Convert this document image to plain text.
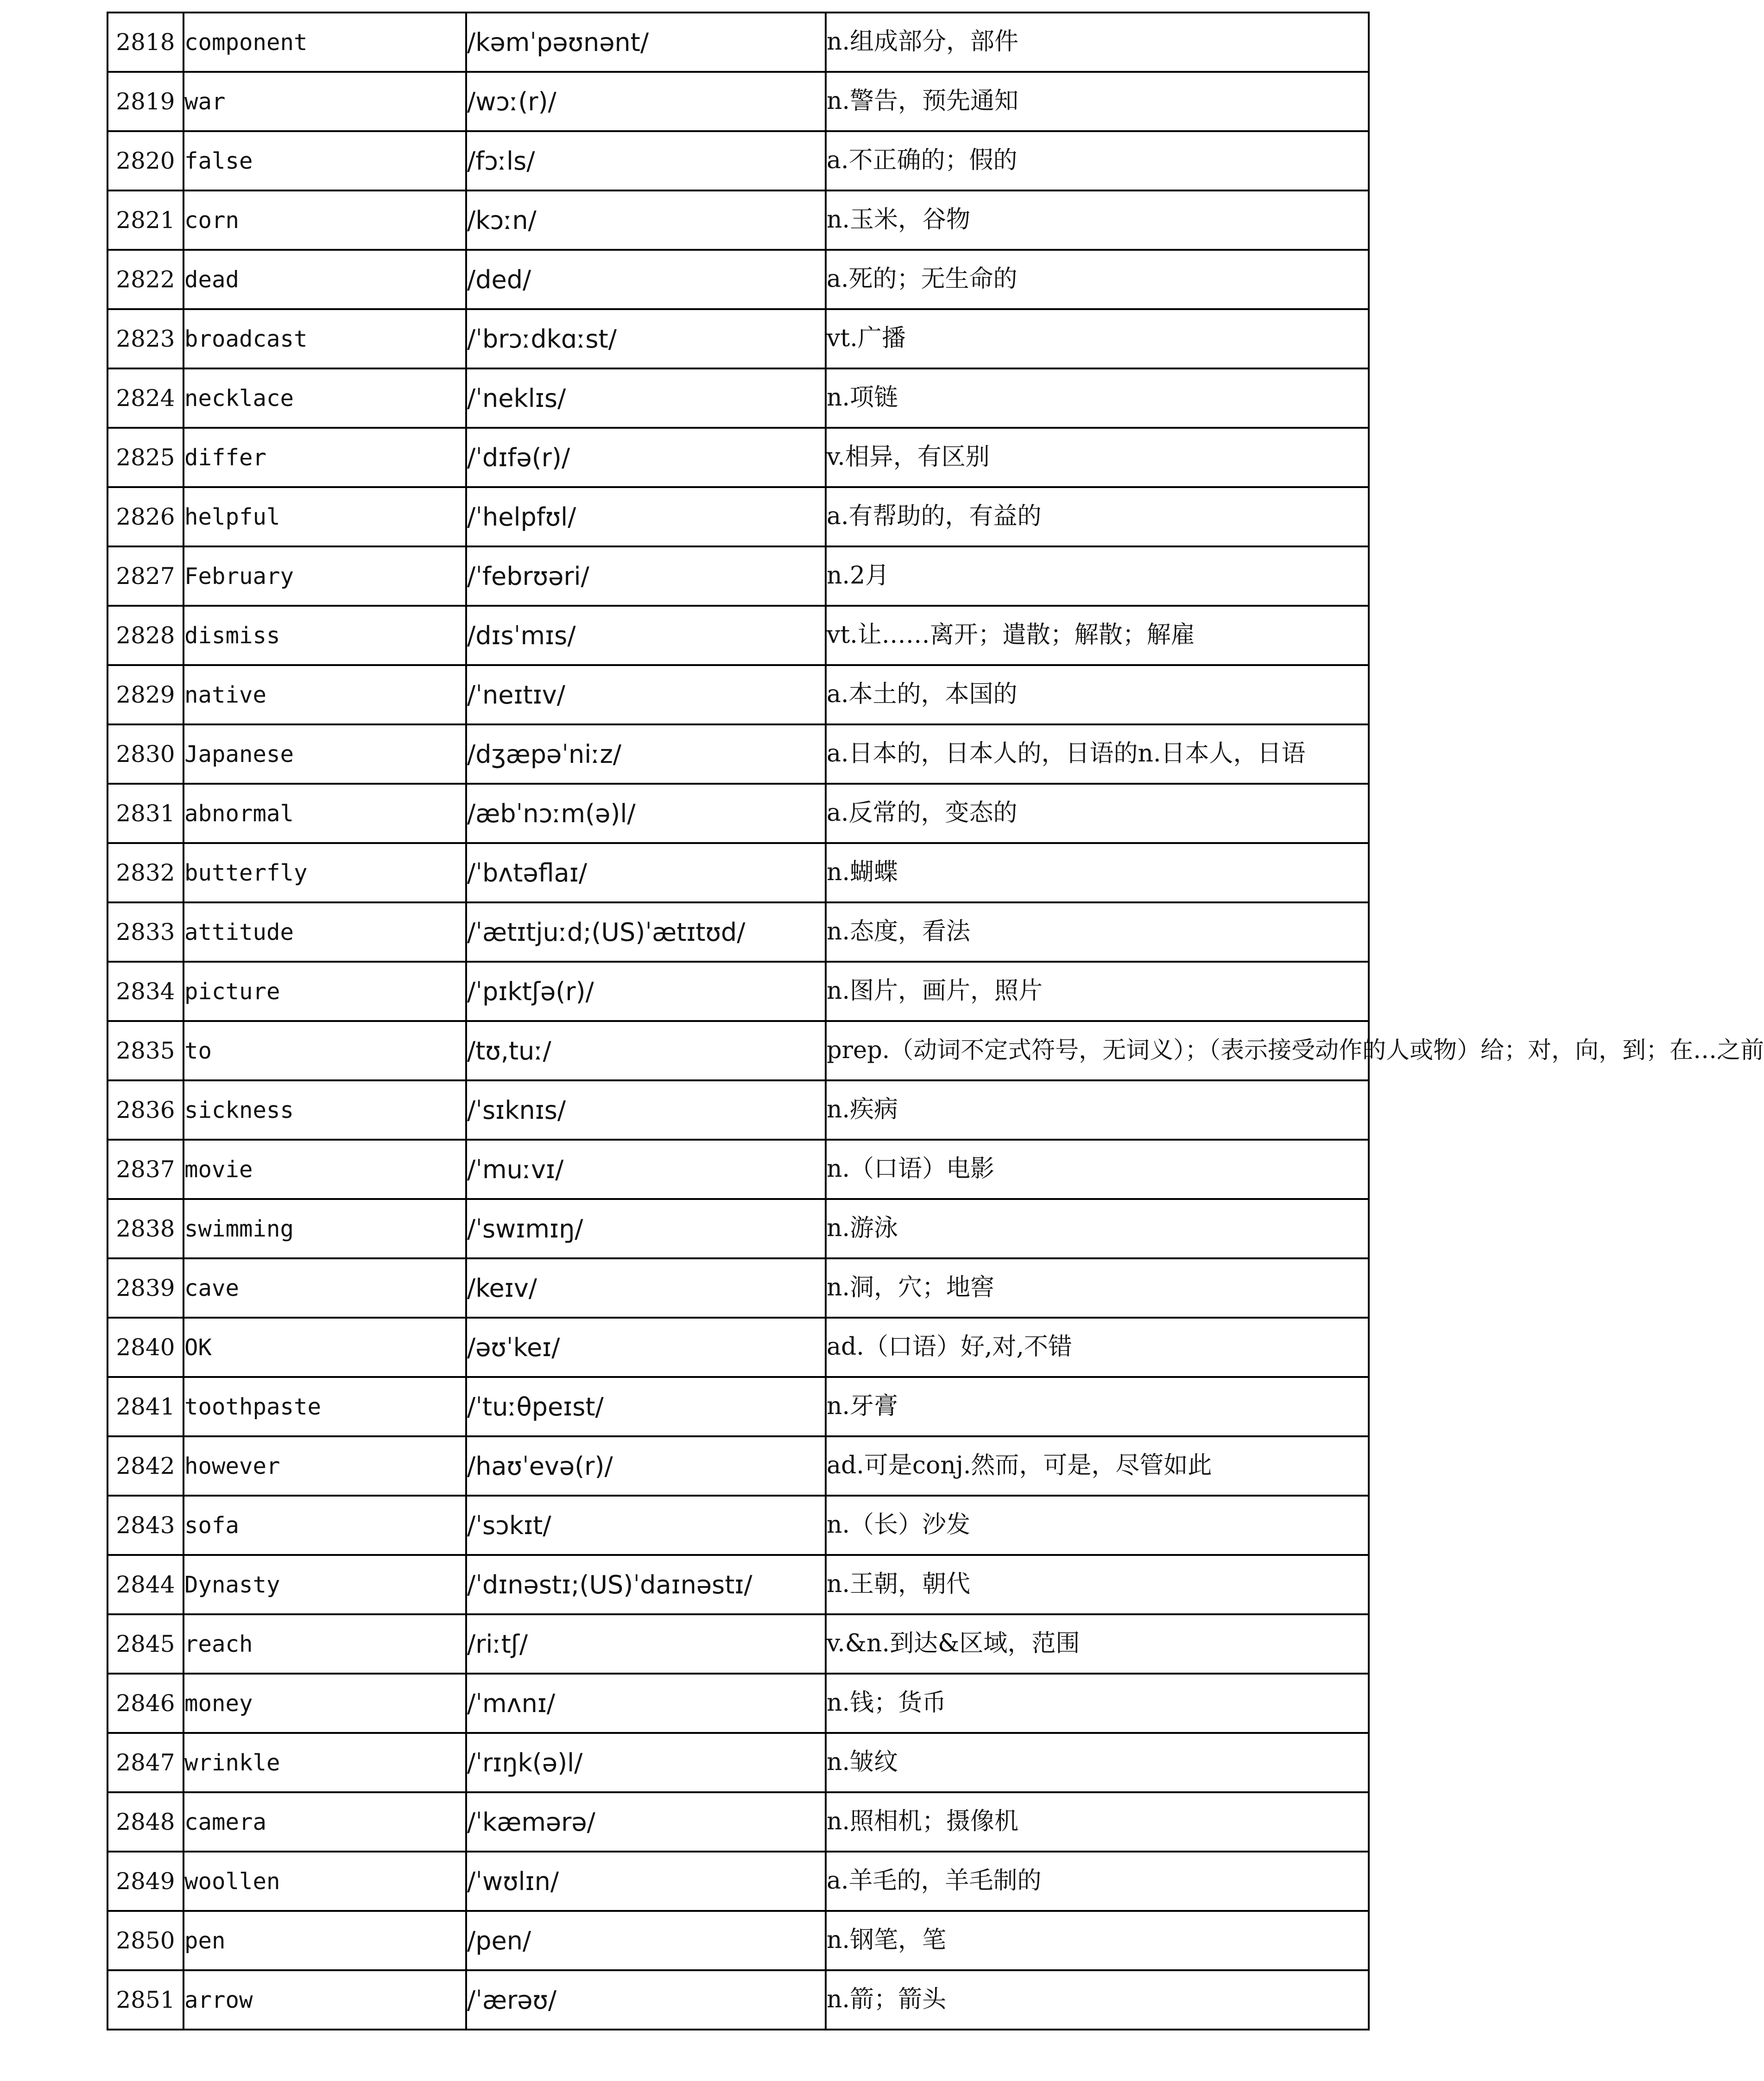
2818	component	/kəmˈpəʊnənt/	n.组成部分，部件
2819	war	/wɔː(r)/	n.警告，预先通知
2820	false	/fɔːls/	a.不正确的；假的
2821	corn	/kɔːn/	n.玉米，谷物
2822	dead	/ded/	a.死的；无生命的
2823	broadcast	/ˈbrɔːdkɑːst/	vt.广播
2824	necklace	/ˈneklɪs/	n.项链
2825	differ	/ˈdɪfə(r)/	v.相异，有区别
2826	helpful	/ˈhelpfʊl/	a.有帮助的，有益的
2827	February	/ˈfebrʊəri/	n.2月
2828	dismiss	/dɪsˈmɪs/	vt.让……离开；遣散；解散；解雇
2829	native	/ˈneɪtɪv/	a.本土的，本国的
2830	Japanese	/dʒæpəˈniːz/	a.日本的，日本人的，日语的n.日本人，日语
2831	abnormal	/æbˈnɔːm(ə)l/	a.反常的，变态的
2832	butterfly	/ˈbʌtəflaɪ/	n.蝴蝶
2833	attitude	/ˈætɪtjuːd;(US)ˈætɪtʊd/	n.态度，看法
2834	picture	/ˈpɪktʃə(r)/	n.图片，画片，照片
2835	to	/tʊ,tuː/	prep.（动词不定式符号，无词义）；（表示接受动作的人或物）给；对，向，到；在…之前
2836	sickness	/ˈsɪknɪs/	n.疾病
2837	movie	/ˈmuːvɪ/	n.（口语）电影
2838	swimming	/ˈswɪmɪŋ/	n.游泳
2839	cave	/keɪv/	n.洞，穴；地窖
2840	OK	/əʊˈkeɪ/	ad.（口语）好,对,不错
2841	toothpaste	/ˈtuːθpeɪst/	n.牙膏
2842	however	/haʊˈevə(r)/	ad.可是conj.然而，可是，尽管如此
2843	sofa	/ˈsɔkɪt/	n.（长）沙发
2844	Dynasty	/ˈdɪnəstɪ;(US)ˈdaɪnəstɪ/	n.王朝，朝代
2845	reach	/riːtʃ/	v.&n.到达&区域，范围
2846	money	/ˈmʌnɪ/	n.钱；货币
2847	wrinkle	/ˈrɪŋk(ə)l/	n.皱纹
2848	camera	/ˈkæmərə/	n.照相机；摄像机
2849	woollen	/ˈwʊlɪn/	a.羊毛的，羊毛制的
2850	pen	/pen/	n.钢笔，笔
2851	arrow	/ˈærəʊ/	n.箭；箭头
